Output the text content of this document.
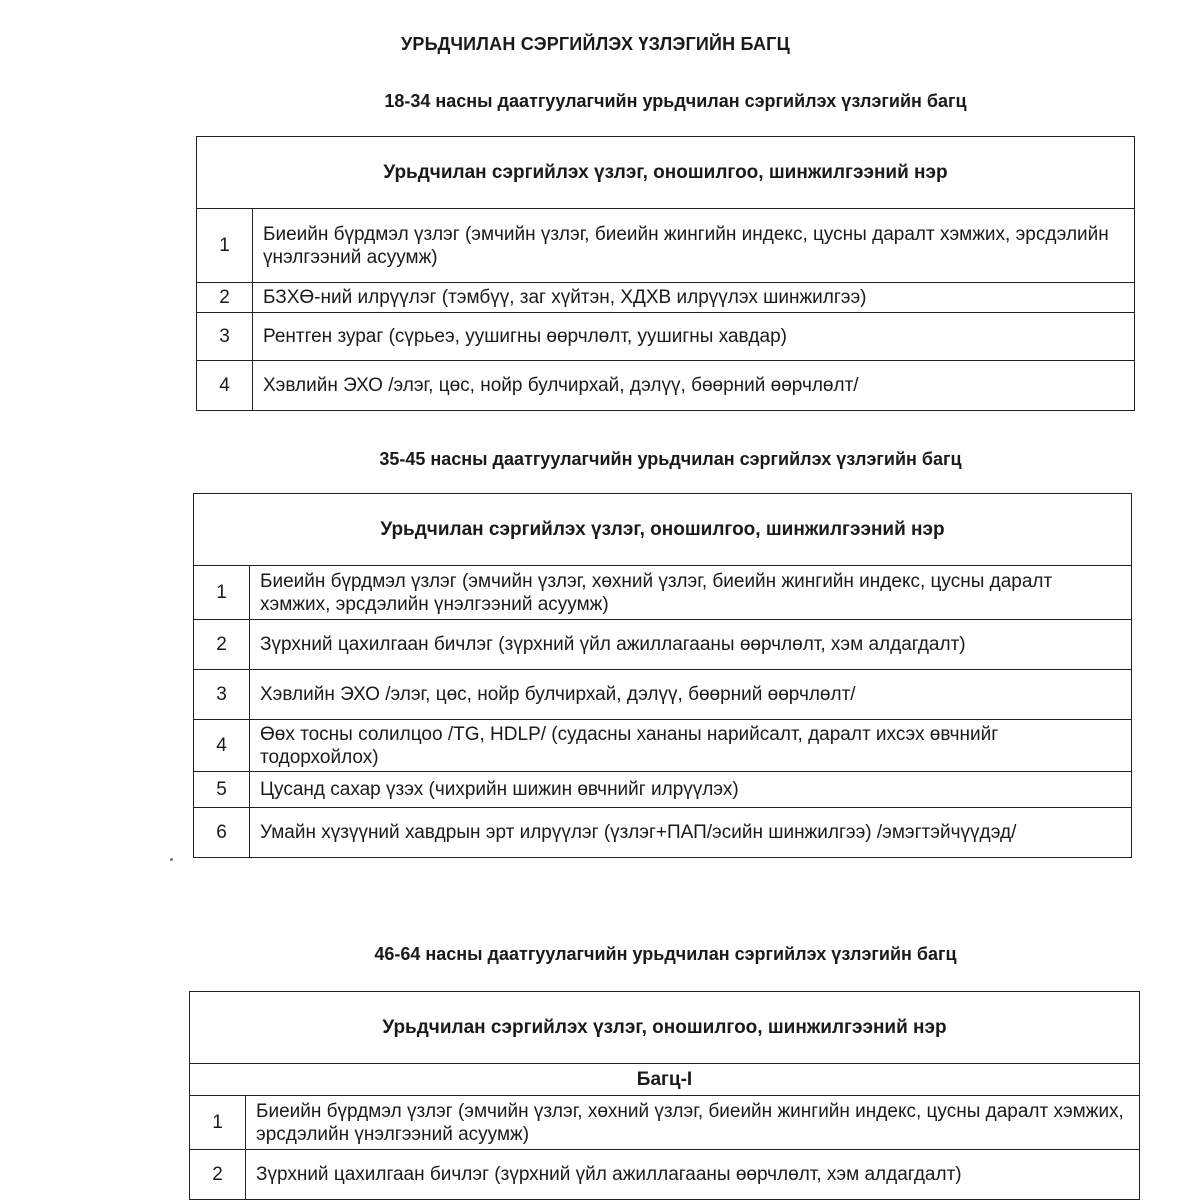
УРЬДЧИЛАН СЭРГИЙЛЭХ ҮЗЛЭГИЙН БАГЦ
18-34 насны даатгуулагчийн урьдчилан сэргийлэх үзлэгийн багц
Урьдчилан сэргийлэх үзлэг, оношилгоо, шинжилгээний нэр	
1	Биеийн бүрдмэл үзлэг (эмчийн үзлэг, биеийн жингийн индекс, цусны даралт хэмжих, эрсдэлийн үнэлгээний асуумж)
2	БЗХӨ-ний илрүүлэг (тэмбүү, заг хүйтэн, ХДХВ илрүүлэх шинжилгээ)
3	Рентген зураг (сүрьеэ, уушигны өөрчлөлт, уушигны хавдар)
4	Хэвлийн ЭХО /элэг, цөс, нойр булчирхай, дэлүү, бөөрний өөрчлөлт/
35-45 насны даатгуулагчийн урьдчилан сэргийлэх үзлэгийн багц
Урьдчилан сэргийлэх үзлэг, оношилгоо, шинжилгээний нэр	
1	Биеийн бүрдмэл үзлэг (эмчийн үзлэг, хөхний үзлэг, биеийн жингийн индекс, цусны даралт хэмжих, эрсдэлийн үнэлгээний асуумж)
2	Зүрхний цахилгаан бичлэг (зүрхний үйл ажиллагааны өөрчлөлт, хэм алдагдалт)
3	Хэвлийн ЭХО /элэг, цөс, нойр булчирхай, дэлүү, бөөрний өөрчлөлт/
4	Өөх тосны солилцоо /TG, HDLP/ (судасны хананы нарийсалт, даралт ихсэх өвчнийг тодорхойлох)
5	Цусанд сахар үзэх (чихрийн шижин өвчнийг илрүүлэх)
6	Умайн хүзүүний хавдрын эрт илрүүлэг (үзлэг+ПАП/эсийн шинжилгээ) /эмэгтэйчүүдэд/
46-64 насны даатгуулагчийн урьдчилан сэргийлэх үзлэгийн багц
Урьдчилан сэргийлэх үзлэг, оношилгоо, шинжилгээний нэр	
Багц-I	
1	Биеийн бүрдмэл үзлэг (эмчийн үзлэг, хөхний үзлэг, биеийн жингийн индекс, цусны даралт хэмжих, эрсдэлийн үнэлгээний асуумж)
2	Зүрхний цахилгаан бичлэг (зүрхний үйл ажиллагааны өөрчлөлт, хэм алдагдалт)
